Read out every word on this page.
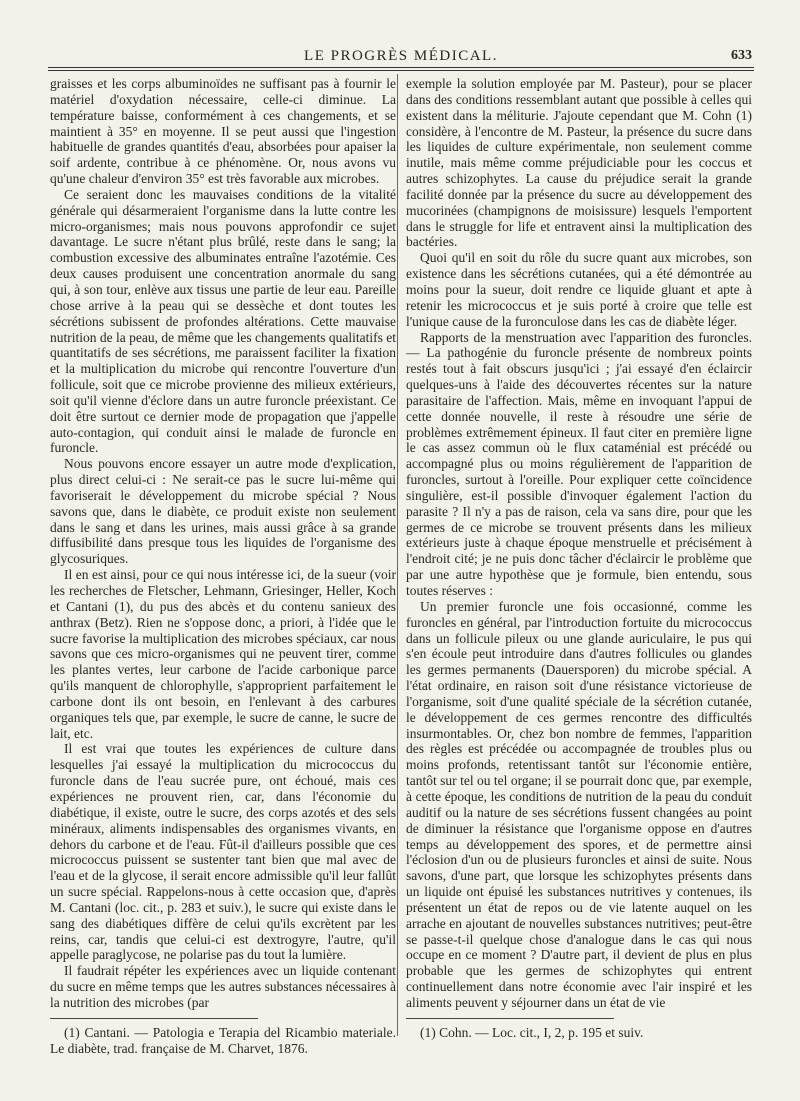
LE PROGRÈS MÉDICAL.	633

graisses et les corps albuminoïdes ne suffisant pas à fournir le matériel d'oxydation nécessaire, celle-ci diminue. La température baisse, conformément à ces changements, et se maintient à 35° en moyenne. Il se peut aussi que l'ingestion habituelle de grandes quantités d'eau, absorbées pour apaiser la soif ardente, contribue à ce phénomène. Or, nous avons vu qu'une chaleur d'environ 35° est très favorable aux microbes.

Ce seraient donc les mauvaises conditions de la vitalité générale qui désarmeraient l'organisme dans la lutte contre les micro-organismes; mais nous pouvons approfondir ce sujet davantage. Le sucre n'étant plus brûlé, reste dans le sang; la combustion excessive des albuminates entraîne l'azotémie. Ces deux causes produisent une concentration anormale du sang qui, à son tour, enlève aux tissus une partie de leur eau. Pareille chose arrive à la peau qui se dessèche et dont toutes les sécrétions subissent de profondes altérations. Cette mauvaise nutrition de la peau, de même que les changements qualitatifs et quantitatifs de ses sécrétions, me paraissent faciliter la fixation et la multiplication du microbe qui rencontre l'ouverture d'un follicule, soit que ce microbe provienne des milieux extérieurs, soit qu'il vienne d'éclore dans un autre furoncle préexistant. Ce doit être surtout ce dernier mode de propagation que j'appelle auto-contagion, qui conduit ainsi le malade de furoncle en furoncle.

Nous pouvons encore essayer un autre mode d'explication, plus direct celui-ci : Ne serait-ce pas le sucre lui-même qui favoriserait le développement du microbe spécial ? Nous savons que, dans le diabète, ce produit existe non seulement dans le sang et dans les urines, mais aussi grâce à sa grande diffusibilité dans presque tous les liquides de l'organisme des glycosuriques.

Il en est ainsi, pour ce qui nous intéresse ici, de la sueur (voir les recherches de Fletscher, Lehmann, Griesinger, Heller, Koch et Cantani (1), du pus des abcès et du contenu sanieux des anthrax (Betz). Rien ne s'oppose donc, a priori, à l'idée que le sucre favorise la multiplication des microbes spéciaux, car nous savons que ces micro-organismes qui ne peuvent tirer, comme les plantes vertes, leur carbone de l'acide carbonique parce qu'ils manquent de chlorophylle, s'approprient parfaitement le carbone dont ils ont besoin, en l'enlevant à des carbures organiques tels que, par exemple, le sucre de canne, le sucre de lait, etc.

Il est vrai que toutes les expériences de culture dans lesquelles j'ai essayé la multiplication du micrococcus du furoncle dans de l'eau sucrée pure, ont échoué, mais ces expériences ne prouvent rien, car, dans l'économie du diabétique, il existe, outre le sucre, des corps azotés et des sels minéraux, aliments indispensables des organismes vivants, en dehors du carbone et de l'eau. Fût-il d'ailleurs possible que ces micrococcus puissent se sustenter tant bien que mal avec de l'eau et de la glycose, il serait encore admissible qu'il leur fallût un sucre spécial. Rappelons-nous à cette occasion que, d'après M. Cantani (loc. cit., p. 283 et suiv.), le sucre qui existe dans le sang des diabétiques diffère de celui qu'ils excrètent par les reins, car, tandis que celui-ci est dextrogyre, l'autre, qu'il appelle paraglycose, ne polarise pas du tout la lumière.

Il faudrait répéter les expériences avec un liquide contenant du sucre en même temps que les autres substances nécessaires à la nutrition des microbes (par

(1) Cantani. — Patologia e Terapia del Ricambio materiale. Le diabète, trad. française de M. Charvet, 1876.

exemple la solution employée par M. Pasteur), pour se placer dans des conditions ressemblant autant que possible à celles qui existent dans la méliturie. J'ajoute cependant que M. Cohn (1) considère, à l'encontre de M. Pasteur, la présence du sucre dans les liquides de culture expérimentale, non seulement comme inutile, mais même comme préjudiciable pour les coccus et autres schizophytes. La cause du préjudice serait la grande facilité donnée par la présence du sucre au développement des mucorinées (champignons de moisissure) lesquels l'emportent dans le struggle for life et entravent ainsi la multiplication des bactéries.

Quoi qu'il en soit du rôle du sucre quant aux microbes, son existence dans les sécrétions cutanées, qui a été démontrée au moins pour la sueur, doit rendre ce liquide gluant et apte à retenir les micrococcus et je suis porté à croire que telle est l'unique cause de la furonculose dans les cas de diabète léger.

Rapports de la menstruation avec l'apparition des furoncles. — La pathogénie du furoncle présente de nombreux points restés tout à fait obscurs jusqu'ici ; j'ai essayé d'en éclaircir quelques-uns à l'aide des découvertes récentes sur la nature parasitaire de l'affection. Mais, même en invoquant l'appui de cette donnée nouvelle, il reste à résoudre une série de problèmes extrêmement épineux. Il faut citer en première ligne le cas assez commun où le flux cataménial est précédé ou accompagné plus ou moins régulièrement de l'apparition de furoncles, surtout à l'oreille. Pour expliquer cette coïncidence singulière, est-il possible d'invoquer également l'action du parasite ? Il n'y a pas de raison, cela va sans dire, pour que les germes de ce microbe se trouvent présents dans les milieux extérieurs juste à chaque époque menstruelle et précisément à l'endroit cité; je ne puis donc tâcher d'éclaircir le problème que par une autre hypothèse que je formule, bien entendu, sous toutes réserves :

Un premier furoncle une fois occasionné, comme les furoncles en général, par l'introduction fortuite du micrococcus dans un follicule pileux ou une glande auriculaire, le pus qui s'en écoule peut introduire dans d'autres follicules ou glandes les germes permanents (Dauersporen) du microbe spécial. A l'état ordinaire, en raison soit d'une résistance victorieuse de l'organisme, soit d'une qualité spéciale de la sécrétion cutanée, le développement de ces germes rencontre des difficultés insurmontables. Or, chez bon nombre de femmes, l'apparition des règles est précédée ou accompagnée de troubles plus ou moins profonds, retentissant tantôt sur l'économie entière, tantôt sur tel ou tel organe; il se pourrait donc que, par exemple, à cette époque, les conditions de nutrition de la peau du conduit auditif ou la nature de ses sécrétions fussent changées au point de diminuer la résistance que l'organisme oppose en d'autres temps au développement des spores, et de permettre ainsi l'éclosion d'un ou de plusieurs furoncles et ainsi de suite. Nous savons, d'une part, que lorsque les schizophytes présents dans un liquide ont épuisé les substances nutritives y contenues, ils présentent un état de repos ou de vie latente auquel on les arrache en ajoutant de nouvelles substances nutritives; peut-être se passe-t-il quelque chose d'analogue dans le cas qui nous occupe en ce moment ? D'autre part, il devient de plus en plus probable que les germes de schizophytes qui entrent continuellement dans notre économie avec l'air inspiré et les aliments peuvent y séjourner dans un état de vie

(1) Cohn. — Loc. cit., I, 2, p. 195 et suiv.
